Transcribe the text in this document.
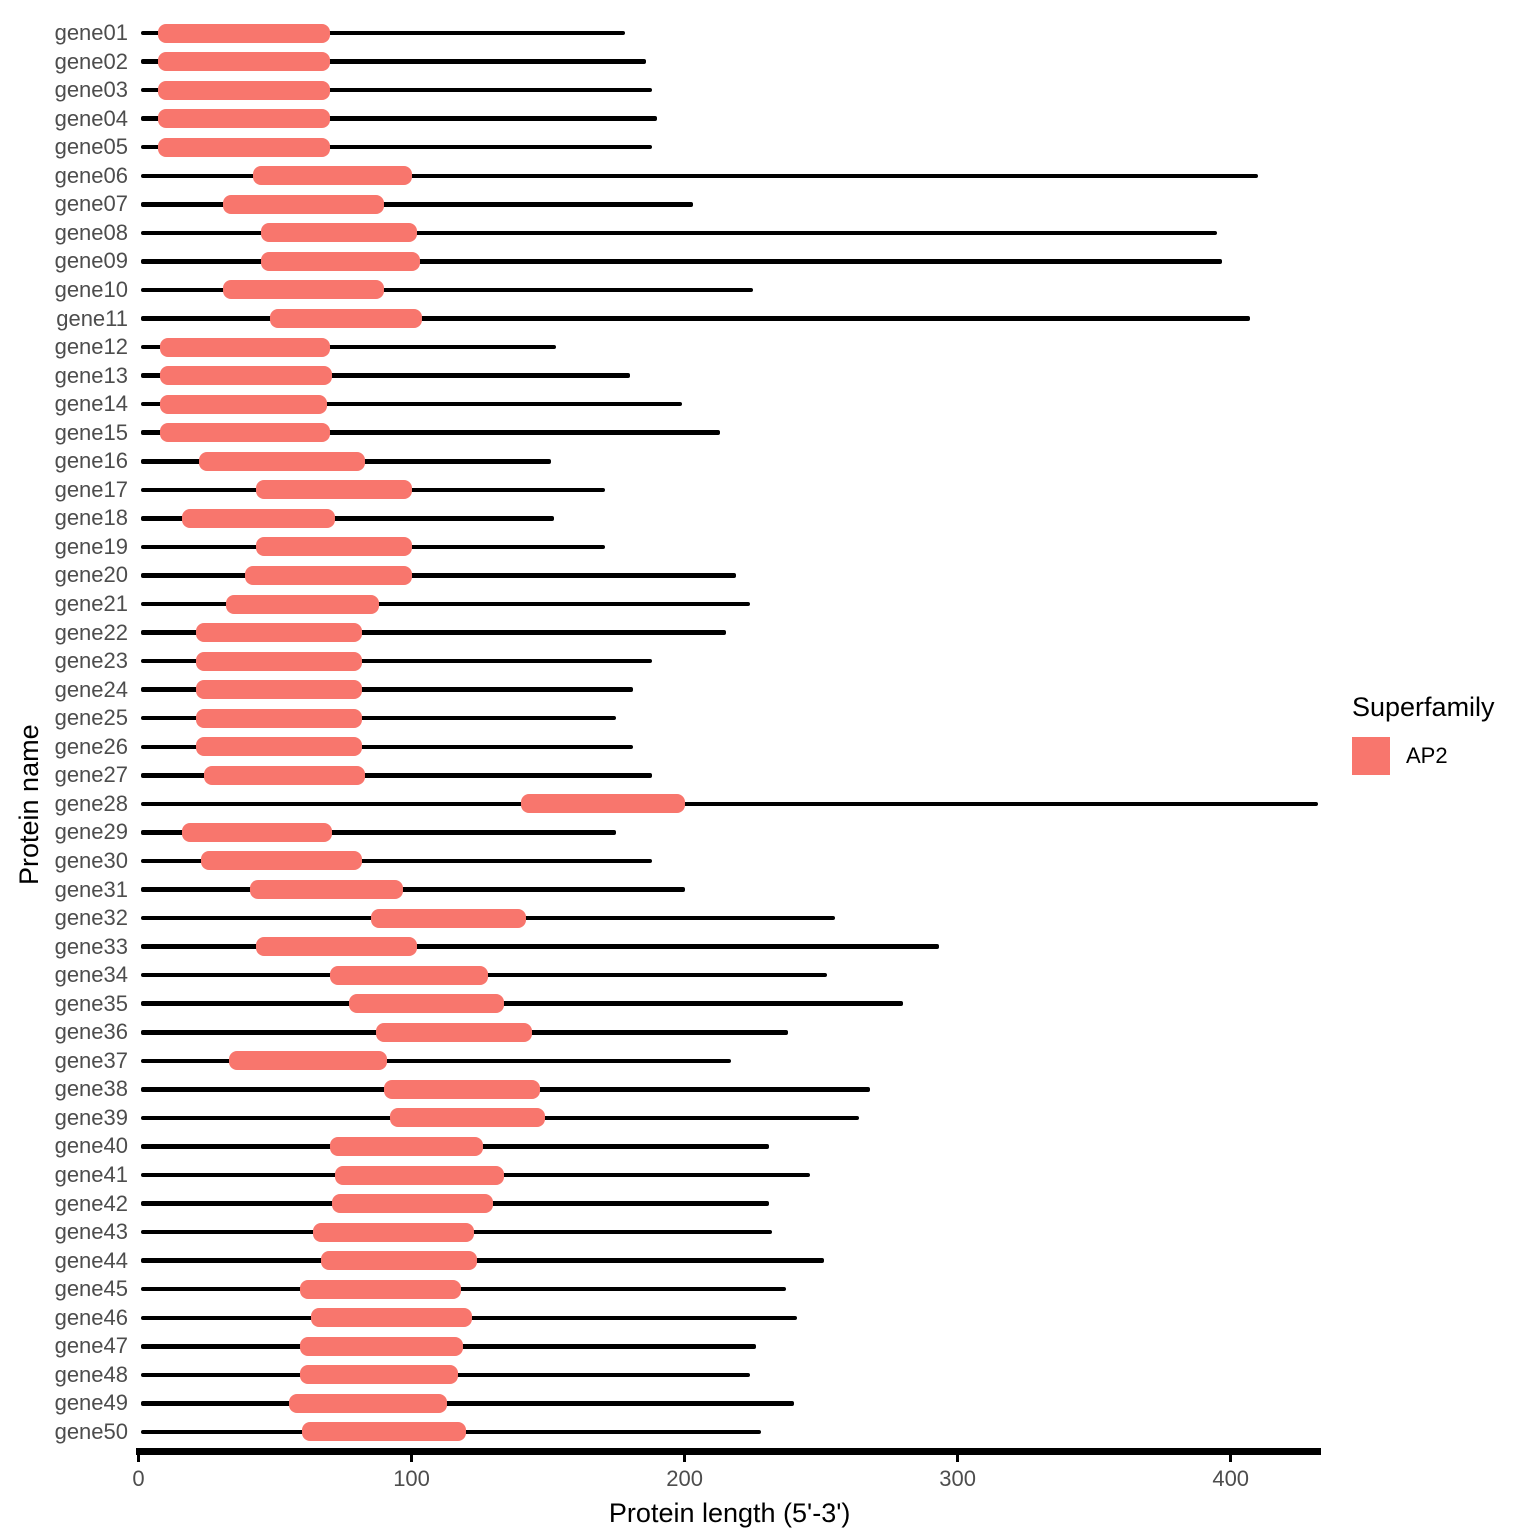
gene01
gene02
gene03
gene04
gene05
gene06
gene07
gene08
gene09
gene10
gene11
gene12
gene13
gene14
gene15
gene16
gene17
gene18
gene19
gene20
gene21
gene22
gene23
gene24
gene25
gene26
gene27
gene28
gene29
gene30
gene31
gene32
gene33
gene34
gene35
gene36
gene37
gene38
gene39
gene40
gene41
gene42
gene43
gene44
gene45
gene46
gene47
gene48
gene49
gene50
0	100	200	300	400
Protein length (5'-3')
Protein name
Superfamily
AP2
